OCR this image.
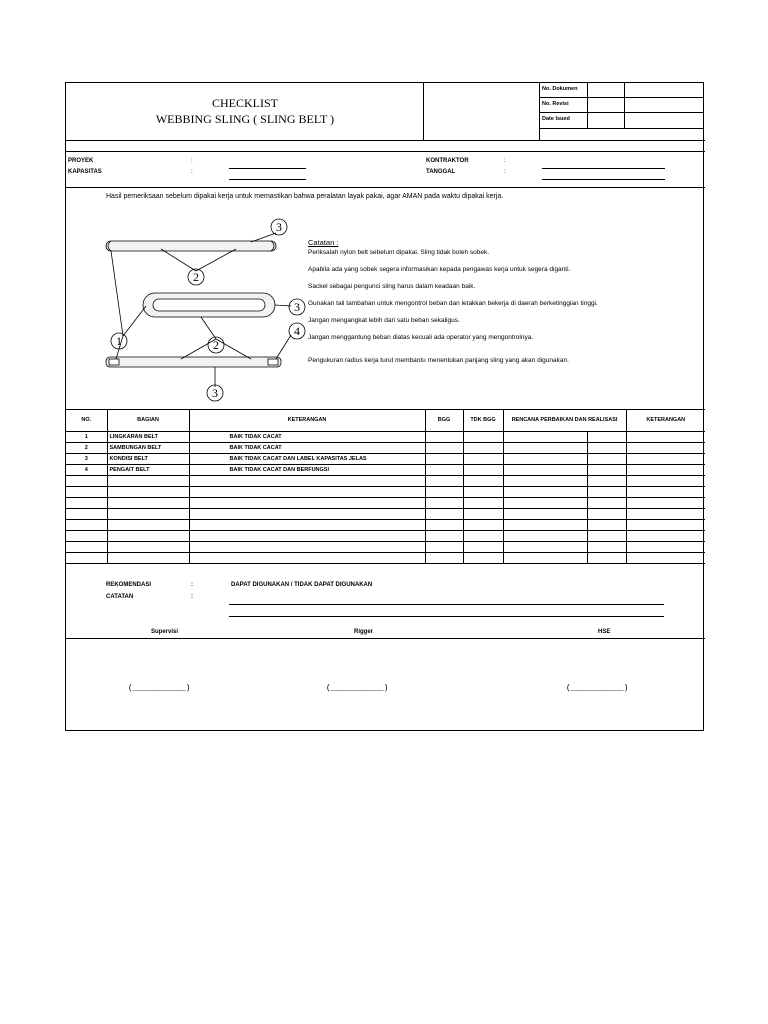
CHECKLIST
WEBBING SLING ( SLING BELT )
No. Dokumen
No. Revisi
Date Isued
PROYEK	:
KAPASITAS	:
KONTRAKTOR	:
TANGGAL	:
Hasil pemeriksaan sebelum dipakai kerja untuk memastikan bahwa peralatan layak pakai, agar AMAN pada waktu dipakai kerja.
3
2
3
1	2
4
3
Catatan :
Periksalah nylon belt sebelum dipakai. Sling tidak boleh sobek.
Apabila ada yang sobek segera informasikan kepada pengawas kerja untuk segera diganti.
Sackel sebagai pengunci sling harus dalam keadaan baik.
Gunakan tali tambahan untuk mengontrol beban dan letakkan bekerja di daerah berketinggian tinggi.
Jangan mengangkat lebih dari satu beban sekaligus.
Jangan menggantung beban diatas kecuali ada operator yang mengontrolnya.
Pengukuran radius kerja turut membantu menentukan panjang sling yang akan digunakan.
NO.	BAGIAN	KETERANGAN	BGG	TDK BGG	RENCANA PERBAIKAN DAN REALISASI		KETERANGAN
1	LINGKARAN BELT	BAIK TIDAK CACAT					
2	SAMBUNGAN BELT	BAIK TIDAK CACAT					
3	KONDISI BELT	BAIK TIDAK CACAT DAN LABEL KAPASITAS JELAS					
4	PENGAIT BELT	BAIK TIDAK CACAT DAN BERFUNGSI					

REKOMENDASI	:	DAPAT DIGUNAKAN / TIDAK DAPAT DIGUNAKAN
CATATAN	:
Supervisi	Rigger	HSE
(___________)	(___________)	(___________)
